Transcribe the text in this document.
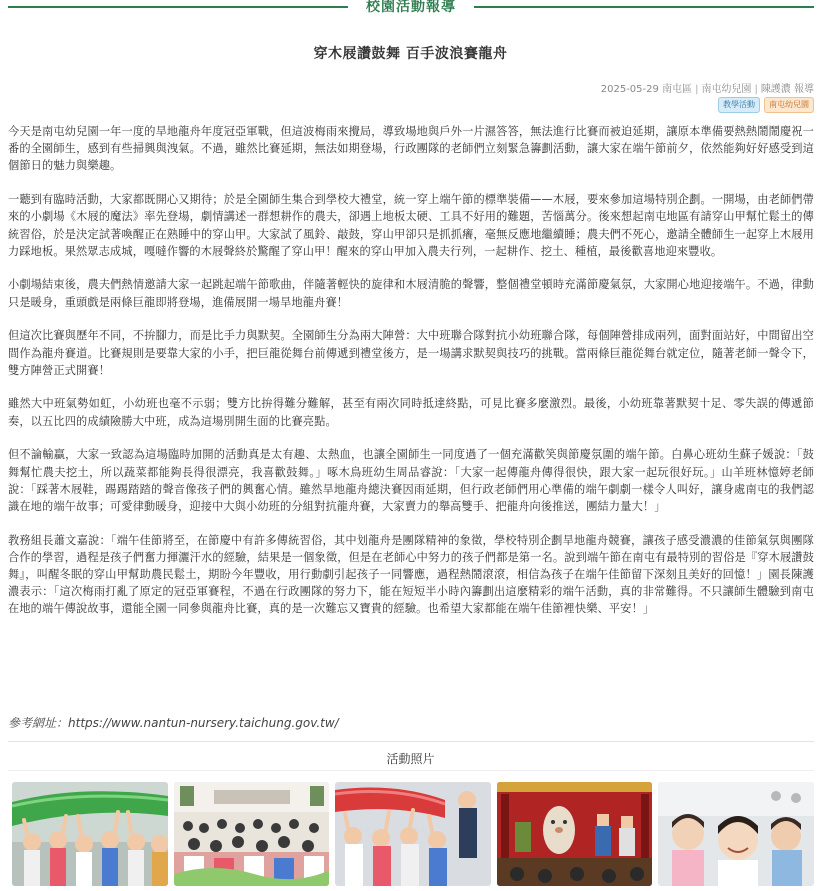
校園活動報導
穿木屐讚鼓舞 百手波浪賽龍舟
2025-05-29 南屯區 | 南屯幼兒園 | 陳護濃 報導
教學活動	南屯幼兒園

今天是南屯幼兒園一年一度的旱地龍舟年度冠亞軍戰，但這波梅雨來攪局，導致場地與戶外一片濕答答，無法進行比賽而被迫延期，讓原本準備要熱熱鬧鬧慶祝一番的全園師生，感到有些掃興與洩氣。不過，雖然比賽延期，無法如期登場，行政團隊的老師們立刻緊急籌劃活動，讓大家在端午節前夕，依然能夠好好感受到這個節日的魅力與樂趣。

一聽到有臨時活動，大家都既開心又期待；於是全園師生集合到學校大禮堂，統一穿上端午節的標準裝備——木屐，要來參加這場特別企劃。一開場，由老師們帶來的小劇場《木屐的魔法》率先登場，劇情講述一群想耕作的農夫，卻遇上地板太硬、工具不好用的難題，苦惱萬分。後來想起南屯地區有請穿山甲幫忙鬆土的傳統習俗，於是決定試著喚醒正在熟睡中的穿山甲。大家試了風鈴、敲鼓，穿山甲卻只是抓抓癢，毫無反應地繼續睡；農夫們不死心，邀請全體師生一起穿上木屐用力踩地板。果然眾志成城，嘎噠作響的木屐聲終於驚醒了穿山甲！醒來的穿山甲加入農夫行列，一起耕作、挖土、種植，最後歡喜地迎來豐收。

小劇場結束後，農夫們熱情邀請大家一起跳起端午節歌曲，伴隨著輕快的旋律和木屐清脆的聲響，整個禮堂頓時充滿節慶氣氛，大家開心地迎接端午。不過，律動只是暖身，重頭戲是兩條巨龍即將登場，進備展開一場旱地龍舟賽！

但這次比賽與歷年不同，不拚腳力，而是比手力與默契。全園師生分為兩大陣營：大中班聯合隊對抗小幼班聯合隊，每個陣營排成兩列，面對面站好，中間留出空間作為龍舟賽道。比賽規則是要靠大家的小手，把巨龍從舞台前傳遞到禮堂後方，是一場講求默契與技巧的挑戰。當兩條巨龍從舞台就定位，隨著老師一聲令下，雙方陣營正式開賽！

雖然大中班氣勢如虹，小幼班也毫不示弱；雙方比拚得難分難解，甚至有兩次同時抵達終點，可見比賽多麼激烈。最後，小幼班靠著默契十足、零失誤的傳遞節奏，以五比四的成績險勝大中班，成為這場別開生面的比賽亮點。

但不論輸贏，大家一致認為這場臨時加開的活動真是太有趣、太熱血，也讓全園師生一同度過了一個充滿歡笑與節慶氛圍的端午節。白鼻心班幼生蘇子媛說：「鼓舞幫忙農夫挖土，所以蔬菜都能夠長得很漂亮，我喜歡鼓舞。」啄木鳥班幼生周品睿說：「大家一起傳龍舟傳得很快，跟大家一起玩很好玩。」山羊班林憶婷老師說：「踩著木屐鞋，踢踢踏踏的聲音像孩子們的興奮心情。雖然旱地龍舟總決賽因雨延期，但行政老師們用心準備的端午劇劇一樣令人叫好，讓身處南屯的我們認識在地的端午故事；可愛律動暖身，迎接中大與小幼班的分組對抗龍舟賽，大家賣力的舉高雙手、把龍舟向後推送，團結力量大！」

教務組長蕭文嘉說：「端午佳節將至，在節慶中有許多傳統習俗，其中划龍舟是團隊精神的象徵，學校特別企劃旱地龍舟競賽，讓孩子感受濃濃的佳節氣氛與團隊合作的學習，過程是孩子們奮力揮灑汗水的經驗，結果是一個象徵，但是在老師心中努力的孩子們都是第一名。說到端午節在南屯有最特別的習俗是『穿木屐讚鼓舞』，叫醒冬眠的穿山甲幫助農民鬆土，期盼今年豐收，用行動劇引起孩子一同響應，過程熱鬧滾滾，相信為孩子在端午佳節留下深刻且美好的回憶！」園長陳護濃表示：「這次梅雨打亂了原定的冠亞軍賽程，不過在行政團隊的努力下，能在短短半小時內籌劃出這麼精彩的端午活動，真的非常難得。不只讓師生體驗到南屯在地的端午傳說故事，還能全園一同參與龍舟比賽，真的是一次難忘又寶貴的經驗。也希望大家都能在端午佳節裡快樂、平安！」

參考網址：https://www.nantun-nursery.taichung.gov.tw/
活動照片
